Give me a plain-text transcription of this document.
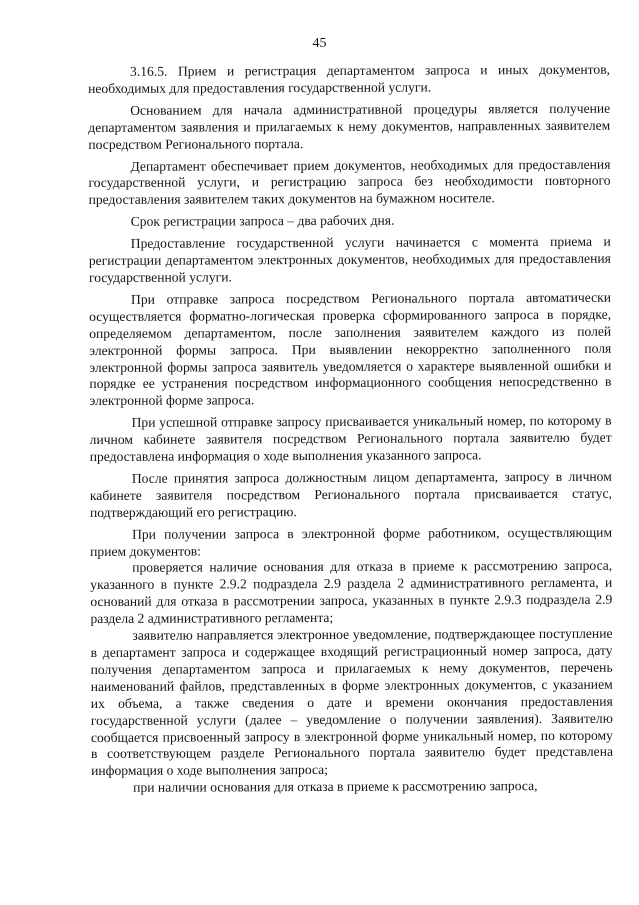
45

3.16.5. Прием и регистрация департаментом запроса и иных документов, необходимых для предоставления государственной услуги.

Основанием для начала административной процедуры является получение департаментом заявления и прилагаемых к нему документов, направленных заявителем посредством Регионального портала.

Департамент обеспечивает прием документов, необходимых для предоставления государственной услуги, и регистрацию запроса без необходимости повторного предоставления заявителем таких документов на бумажном носителе.

Срок регистрации запроса – два рабочих дня.

Предоставление государственной услуги начинается с момента приема и регистрации департаментом электронных документов, необходимых для предоставления государственной услуги.

При отправке запроса посредством Регионального портала автоматически осуществляется форматно-логическая проверка сформированного запроса в порядке, определяемом департаментом, после заполнения заявителем каждого из полей электронной формы запроса. При выявлении некорректно заполненного поля электронной формы запроса заявитель уведомляется о характере выявленной ошибки и порядке ее устранения посредством информационного сообщения непосредственно в электронной форме запроса.

При успешной отправке запросу присваивается уникальный номер, по которому в личном кабинете заявителя посредством Регионального портала заявителю будет предоставлена информация о ходе выполнения указанного запроса.

После принятия запроса должностным лицом департамента, запросу в личном кабинете заявителя посредством Регионального портала присваивается статус, подтверждающий его регистрацию.

При получении запроса в электронной форме работником, осуществляющим прием документов:

проверяется наличие основания для отказа в приеме к рассмотрению запроса, указанного в пункте 2.9.2 подраздела 2.9 раздела 2 административного регламента, и оснований для отказа в рассмотрении запроса, указанных в пункте 2.9.3 подраздела 2.9 раздела 2 административного регламента;

заявителю направляется электронное уведомление, подтверждающее поступление в департамент запроса и содержащее входящий регистрационный номер запроса, дату получения департаментом запроса и прилагаемых к нему документов, перечень наименований файлов, представленных в форме электронных документов, с указанием их объема, а также сведения о дате и времени окончания предоставления государственной услуги (далее – уведомление о получении заявления). Заявителю сообщается присвоенный запросу в электронной форме уникальный номер, по которому в соответствующем разделе Регионального портала заявителю будет представлена информация о ходе выполнения запроса;

при наличии основания для отказа в приеме к рассмотрению запроса,
